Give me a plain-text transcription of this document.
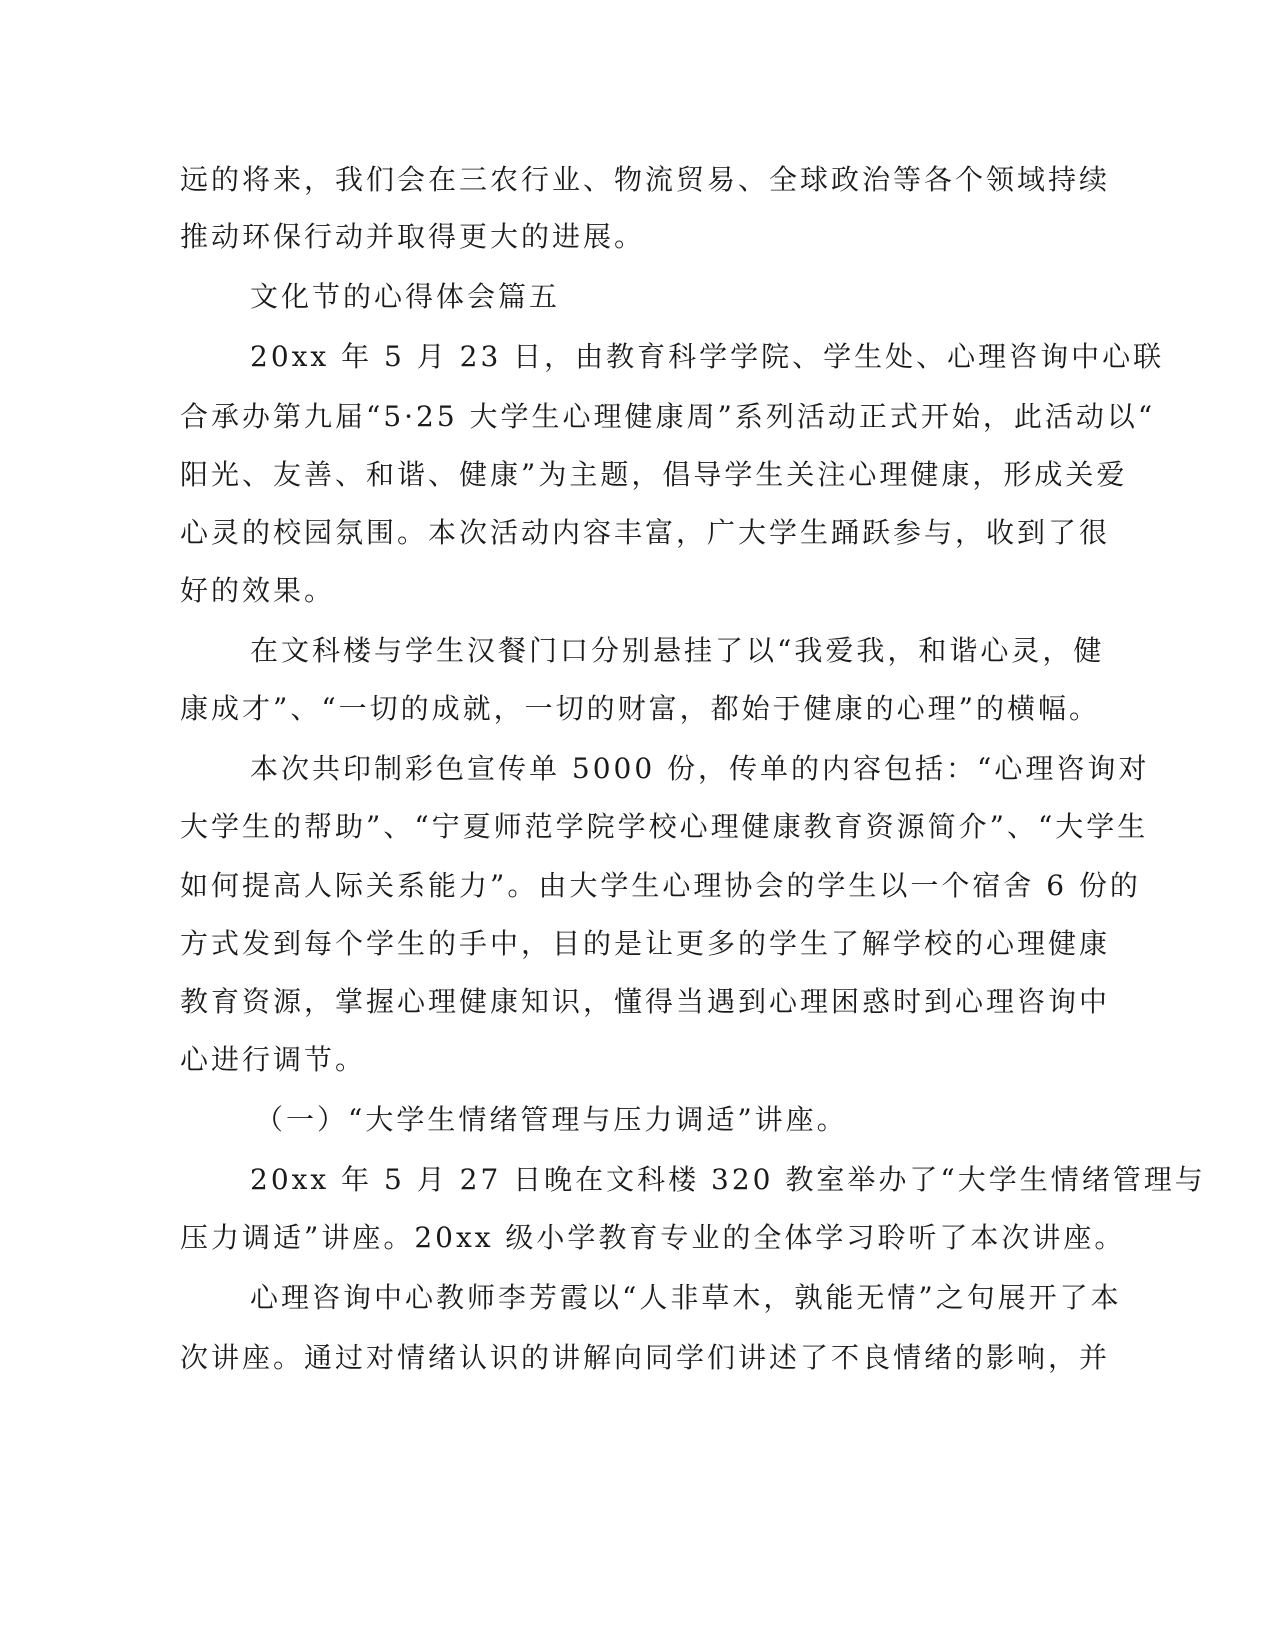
远的将来，我们会在三农行业、物流贸易、全球政治等各个领域持续
推动环保行动并取得更大的进展。
文化节的心得体会篇五
20xx 年 5 月 23 日，由教育科学学院、学生处、心理咨询中心联
合承办第九届“5·25 大学生心理健康周”系列活动正式开始，此活动以“
阳光、友善、和谐、健康”为主题，倡导学生关注心理健康，形成关爱
心灵的校园氛围。本次活动内容丰富，广大学生踊跃参与，收到了很
好的效果。
在文科楼与学生汉餐门口分别悬挂了以“我爱我，和谐心灵，健
康成才”、“一切的成就，一切的财富，都始于健康的心理”的横幅。
本次共印制彩色宣传单 5000 份，传单的内容包括：“心理咨询对
大学生的帮助”、“宁夏师范学院学校心理健康教育资源简介”、“大学生
如何提高人际关系能力”。由大学生心理协会的学生以一个宿舍 6 份的
方式发到每个学生的手中，目的是让更多的学生了解学校的心理健康
教育资源，掌握心理健康知识，懂得当遇到心理困惑时到心理咨询中
心进行调节。
（一）“大学生情绪管理与压力调适”讲座。
20xx 年 5 月 27 日晚在文科楼 320 教室举办了“大学生情绪管理与
压力调适”讲座。20xx 级小学教育专业的全体学习聆听了本次讲座。
心理咨询中心教师李芳霞以“人非草木，孰能无情”之句展开了本
次讲座。通过对情绪认识的讲解向同学们讲述了不良情绪的影响，并
